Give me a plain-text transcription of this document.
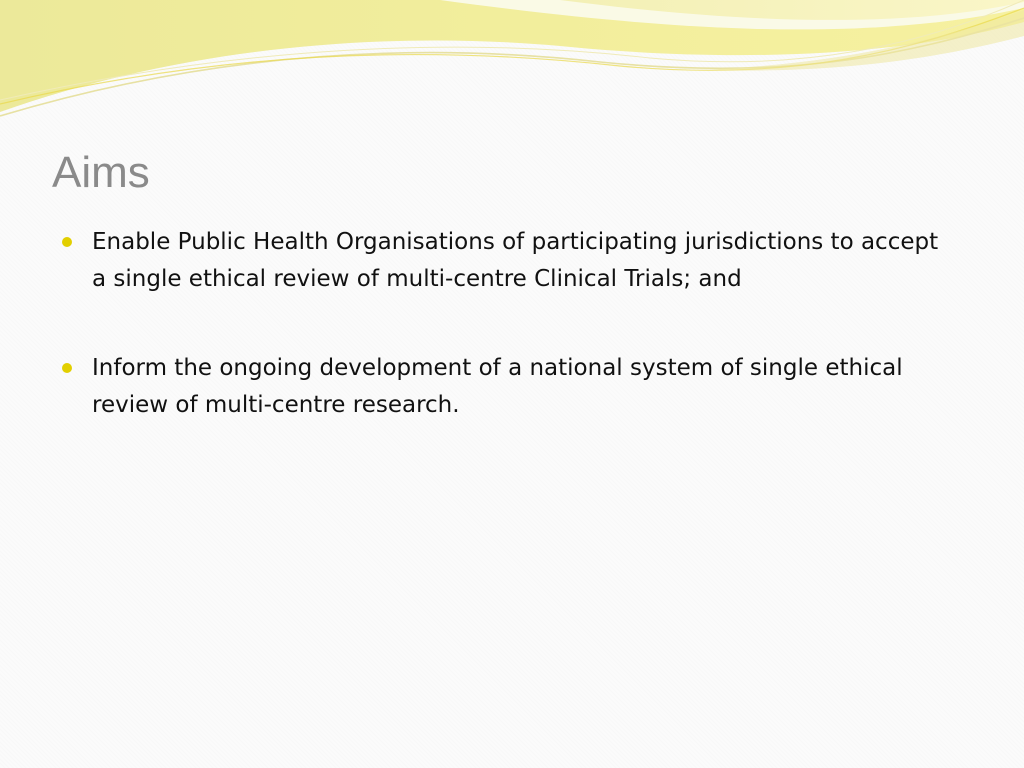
Aims
Enable Public Health Organisations of participating jurisdictions to accept a single ethical review of multi-centre Clinical Trials; and
Inform the ongoing development of a national system of single ethical review of multi-centre research.
